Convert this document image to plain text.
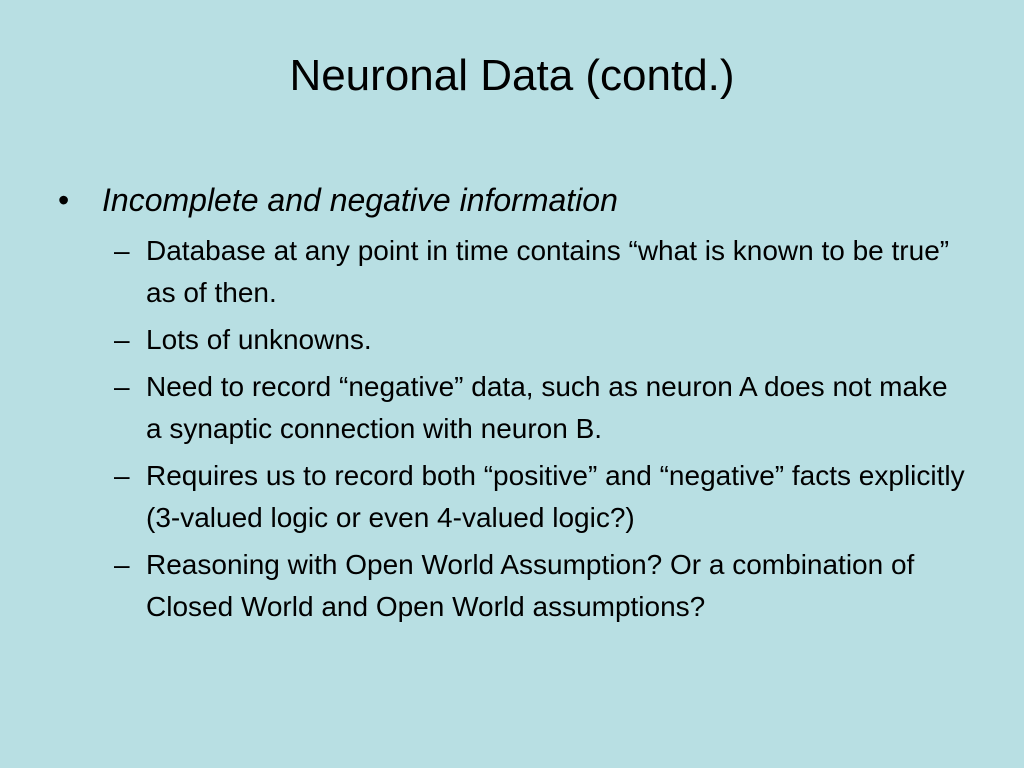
Neuronal Data (contd.)
•	Incomplete and negative information
– Database at any point in time contains “what is known to be true” as of then.
– Lots of unknowns.
– Need to record “negative” data, such as neuron A does not make a synaptic connection with neuron B.
– Requires us to record both “positive” and “negative” facts explicitly (3-valued logic or even 4-valued logic?)
– Reasoning with Open World Assumption? Or a combination of Closed World and Open World assumptions?
